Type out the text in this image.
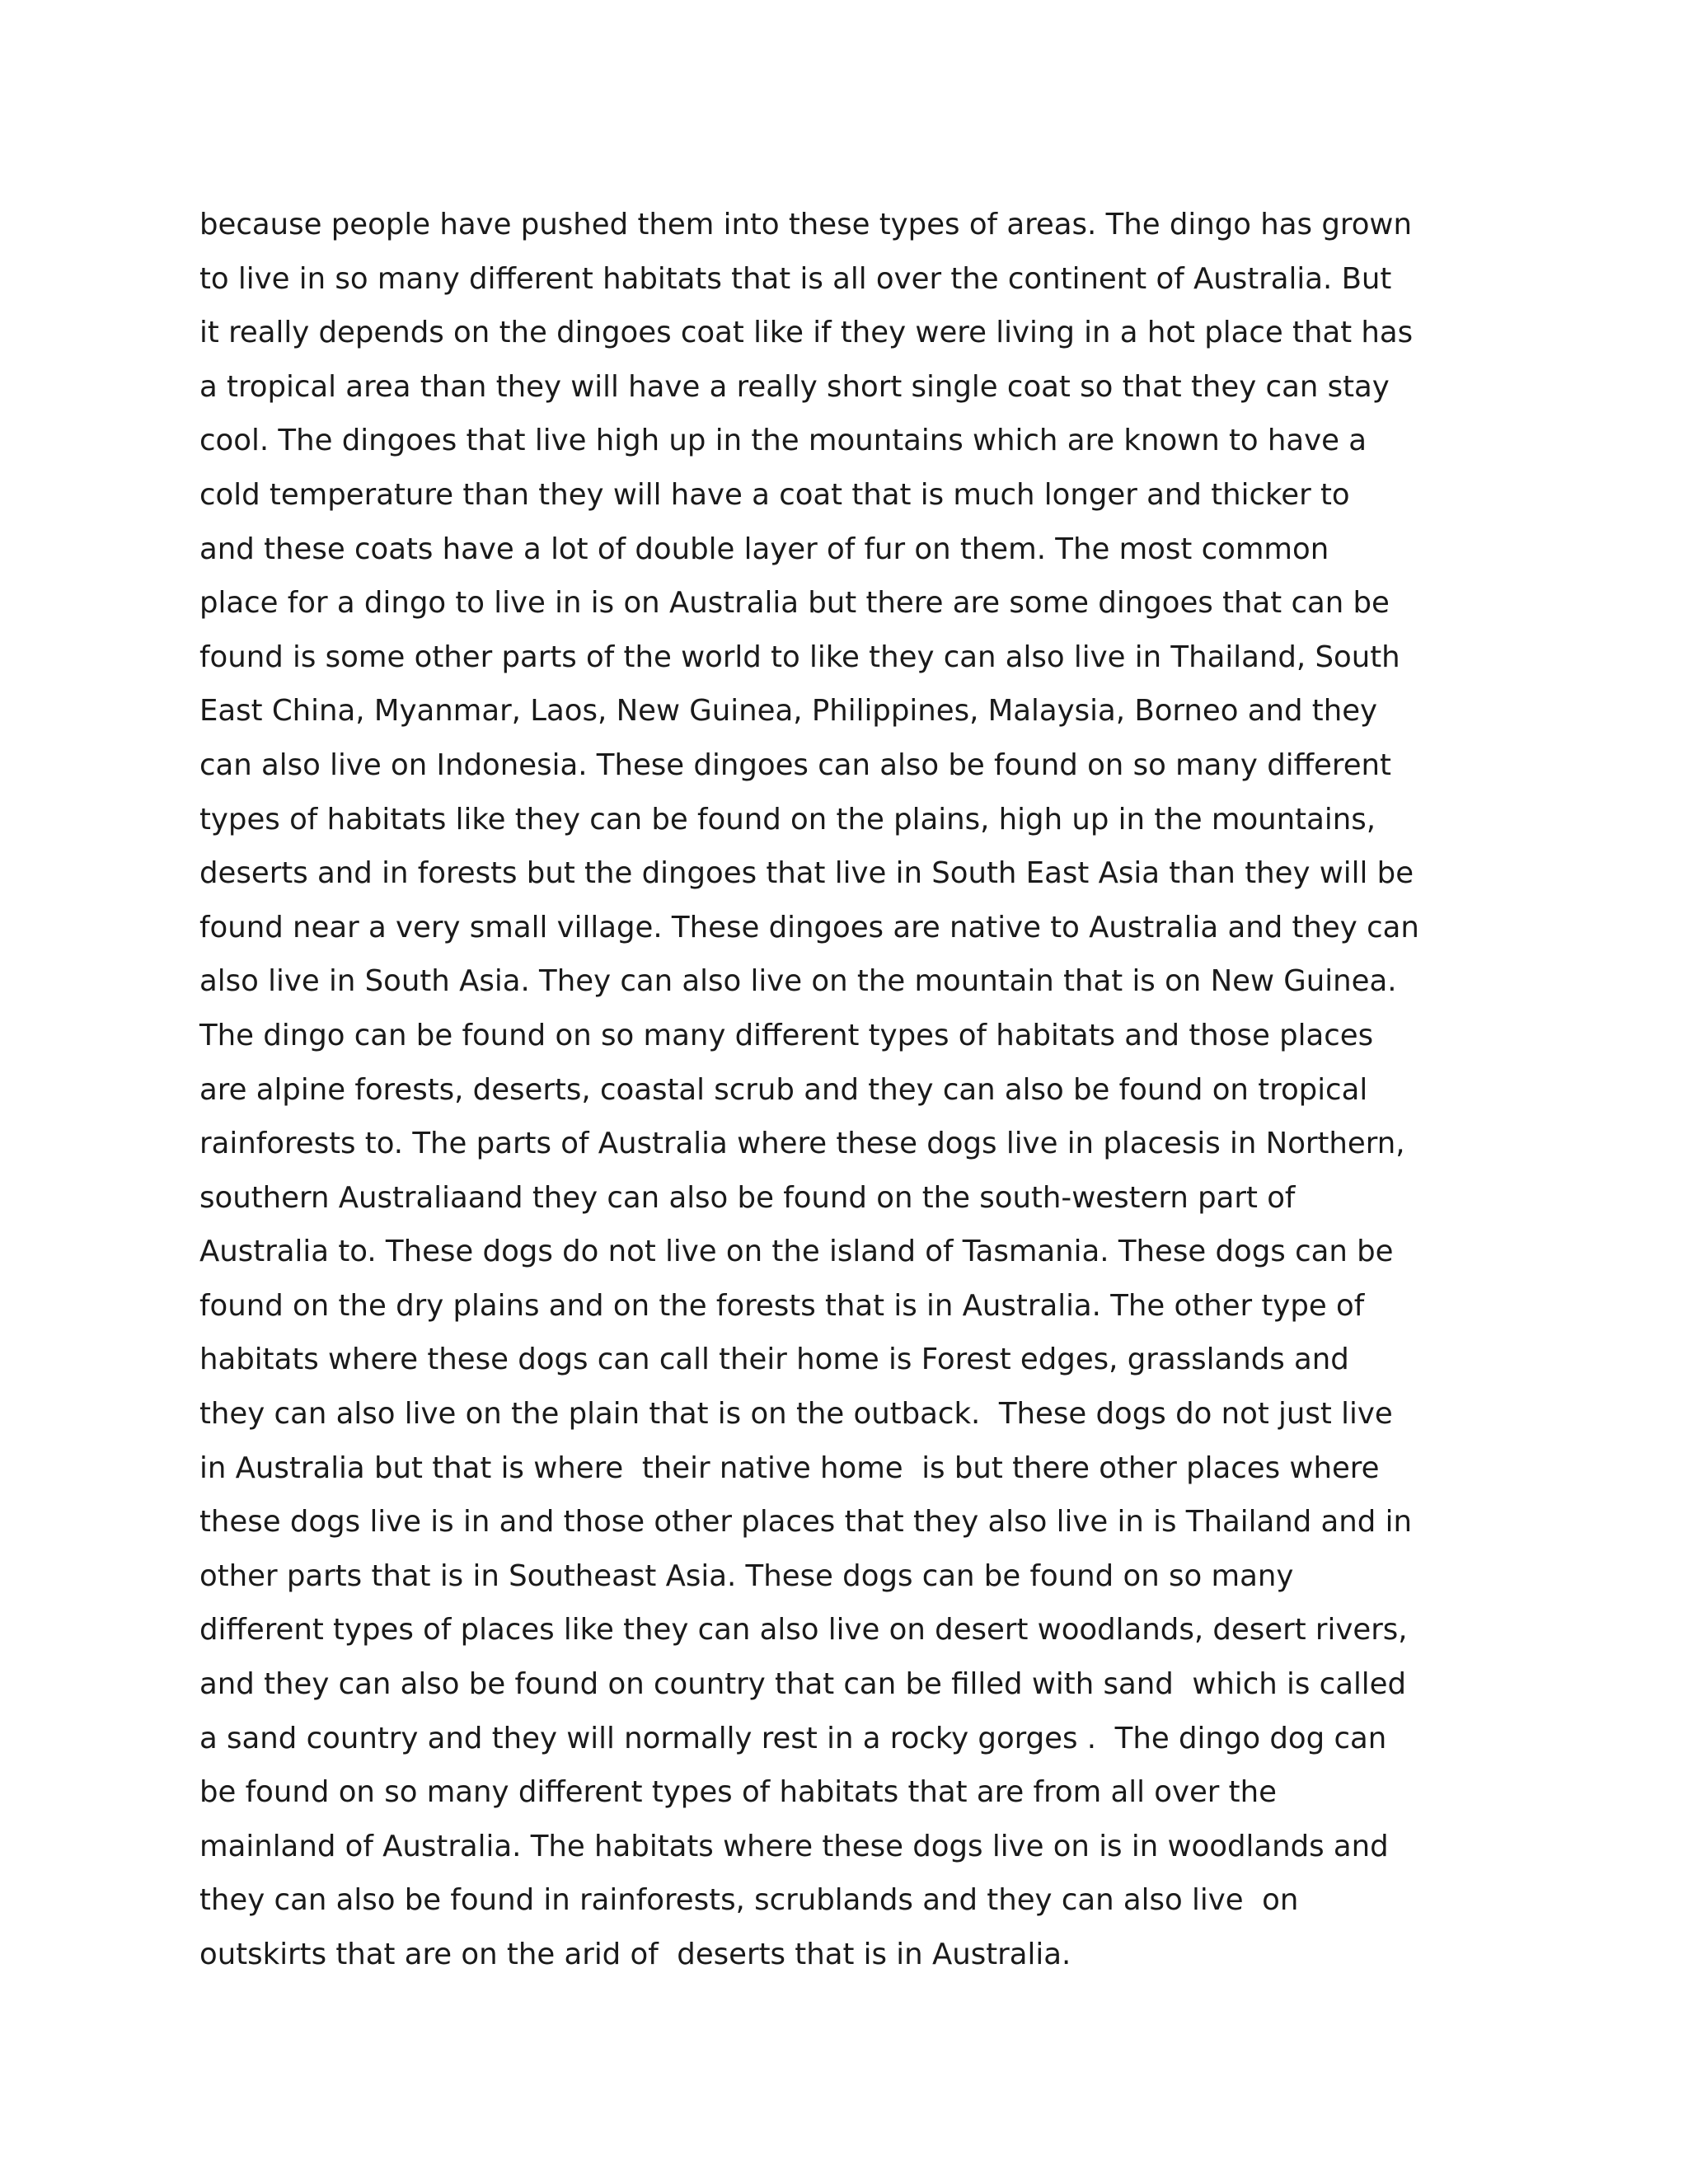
because people have pushed them into these types of areas. The dingo has grown
to live in so many different habitats that is all over the continent of Australia. But
it really depends on the dingoes coat like if they were living in a hot place that has
a tropical area than they will have a really short single coat so that they can stay
cool. The dingoes that live high up in the mountains which are known to have a
cold temperature than they will have a coat that is much longer and thicker to
and these coats have a lot of double layer of fur on them. The most common
place for a dingo to live in is on Australia but there are some dingoes that can be
found is some other parts of the world to like they can also live in Thailand, South
East China, Myanmar, Laos, New Guinea, Philippines, Malaysia, Borneo and they
can also live on Indonesia. These dingoes can also be found on so many different
types of habitats like they can be found on the plains, high up in the mountains,
deserts and in forests but the dingoes that live in South East Asia than they will be
found near a very small village. These dingoes are native to Australia and they can
also live in South Asia. They can also live on the mountain that is on New Guinea.
The dingo can be found on so many different types of habitats and those places
are alpine forests, deserts, coastal scrub and they can also be found on tropical
rainforests to. The parts of Australia where these dogs live in placesis in Northern,
southern Australiaand they can also be found on the south-western part of
Australia to. These dogs do not live on the island of Tasmania. These dogs can be
found on the dry plains and on the forests that is in Australia. The other type of
habitats where these dogs can call their home is Forest edges, grasslands and
they can also live on the plain that is on the outback.  These dogs do not just live
in Australia but that is where  their native home  is but there other places where
these dogs live is in and those other places that they also live in is Thailand and in
other parts that is in Southeast Asia. These dogs can be found on so many
different types of places like they can also live on desert woodlands, desert rivers,
and they can also be found on country that can be filled with sand  which is called
a sand country and they will normally rest in a rocky gorges .  The dingo dog can
be found on so many different types of habitats that are from all over the
mainland of Australia. The habitats where these dogs live on is in woodlands and
they can also be found in rainforests, scrublands and they can also live  on
outskirts that are on the arid of  deserts that is in Australia.
